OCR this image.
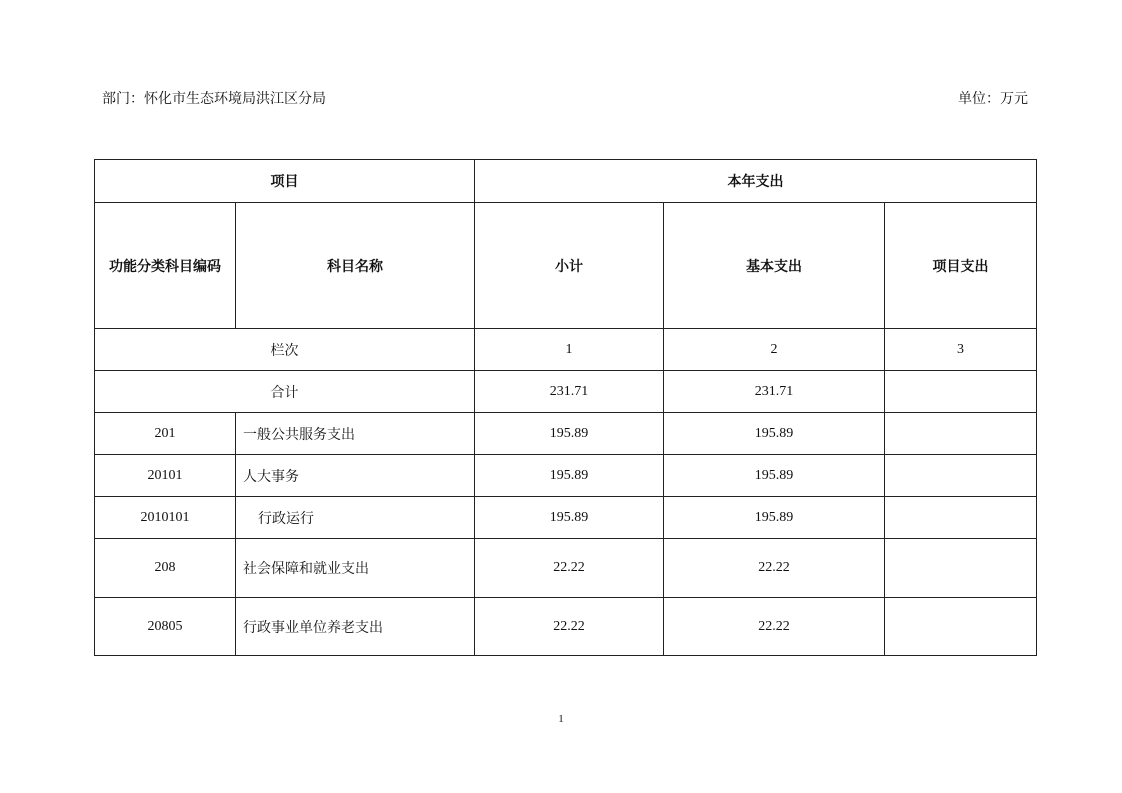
部门：怀化市生态环境局洪江区分局	单位：万元
项目		本年支出		
功能分类科目编码	科目名称	小计	基本支出	项目支出
栏次		1	2	3
合计		231.71	231.71	
201	一般公共服务支出	195.89	195.89	
20101	人大事务	195.89	195.89	
2010101	行政运行	195.89	195.89	
208	社会保障和就业支出	22.22	22.22	
20805	行政事业单位养老支出	22.22	22.22	
1
